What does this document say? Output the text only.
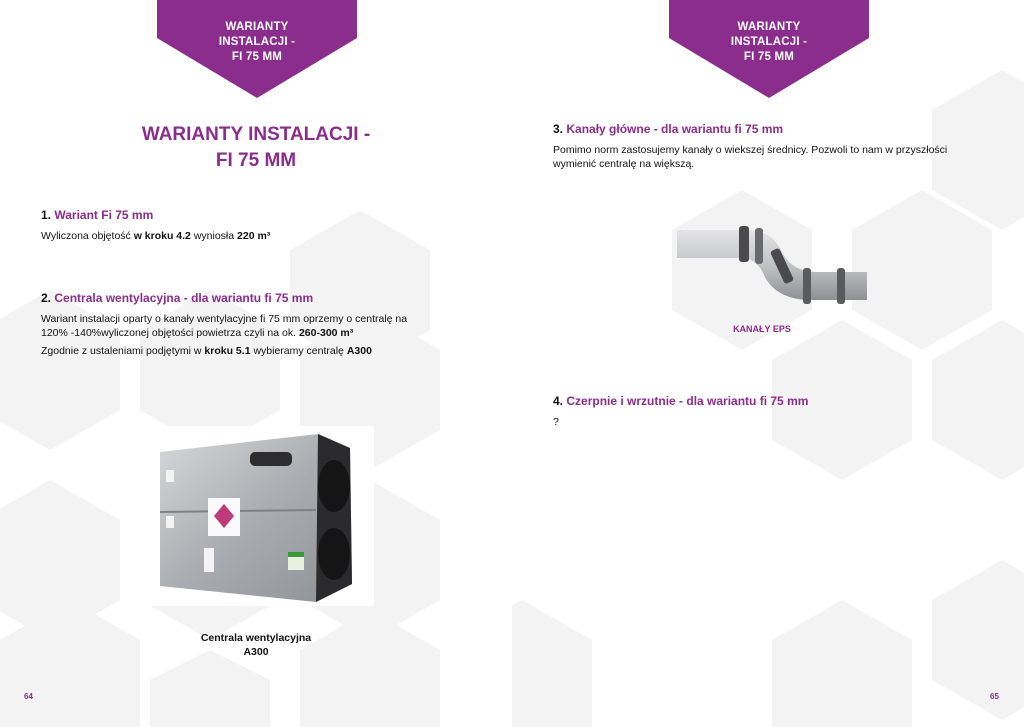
WARIANTY
INSTALACJI -
FI 75 MM
WARIANTY INSTALACJI -
FI 75 MM
1. Wariant Fi 75 mm

Wyliczona objętość w kroku 4.2 wyniosła 220 m³

2. Centrala wentylacyjna - dla wariantu fi 75 mm

Wariant instalacji oparty o kanały wentylacyjne fi 75 mm oprzemy o centralę na 120% -140%wyliczonej objętości powietrza czyli na ok. 260-300 m³

Zgodnie z ustaleniami podjętymi w kroku 5.1 wybieramy centralę A300

Centrala wentylacyjna
A300
64
WARIANTY
INSTALACJI -
FI 75 MM
3. Kanały główne - dla wariantu fi 75 mm

Pomimo norm zastosujemy kanały o wiekszej średnicy. Pozwoli to nam w przyszłości wymienić centralę na większą.

KANAŁY EPS
4. Czerpnie i wrzutnie - dla wariantu fi 75 mm

?

65
